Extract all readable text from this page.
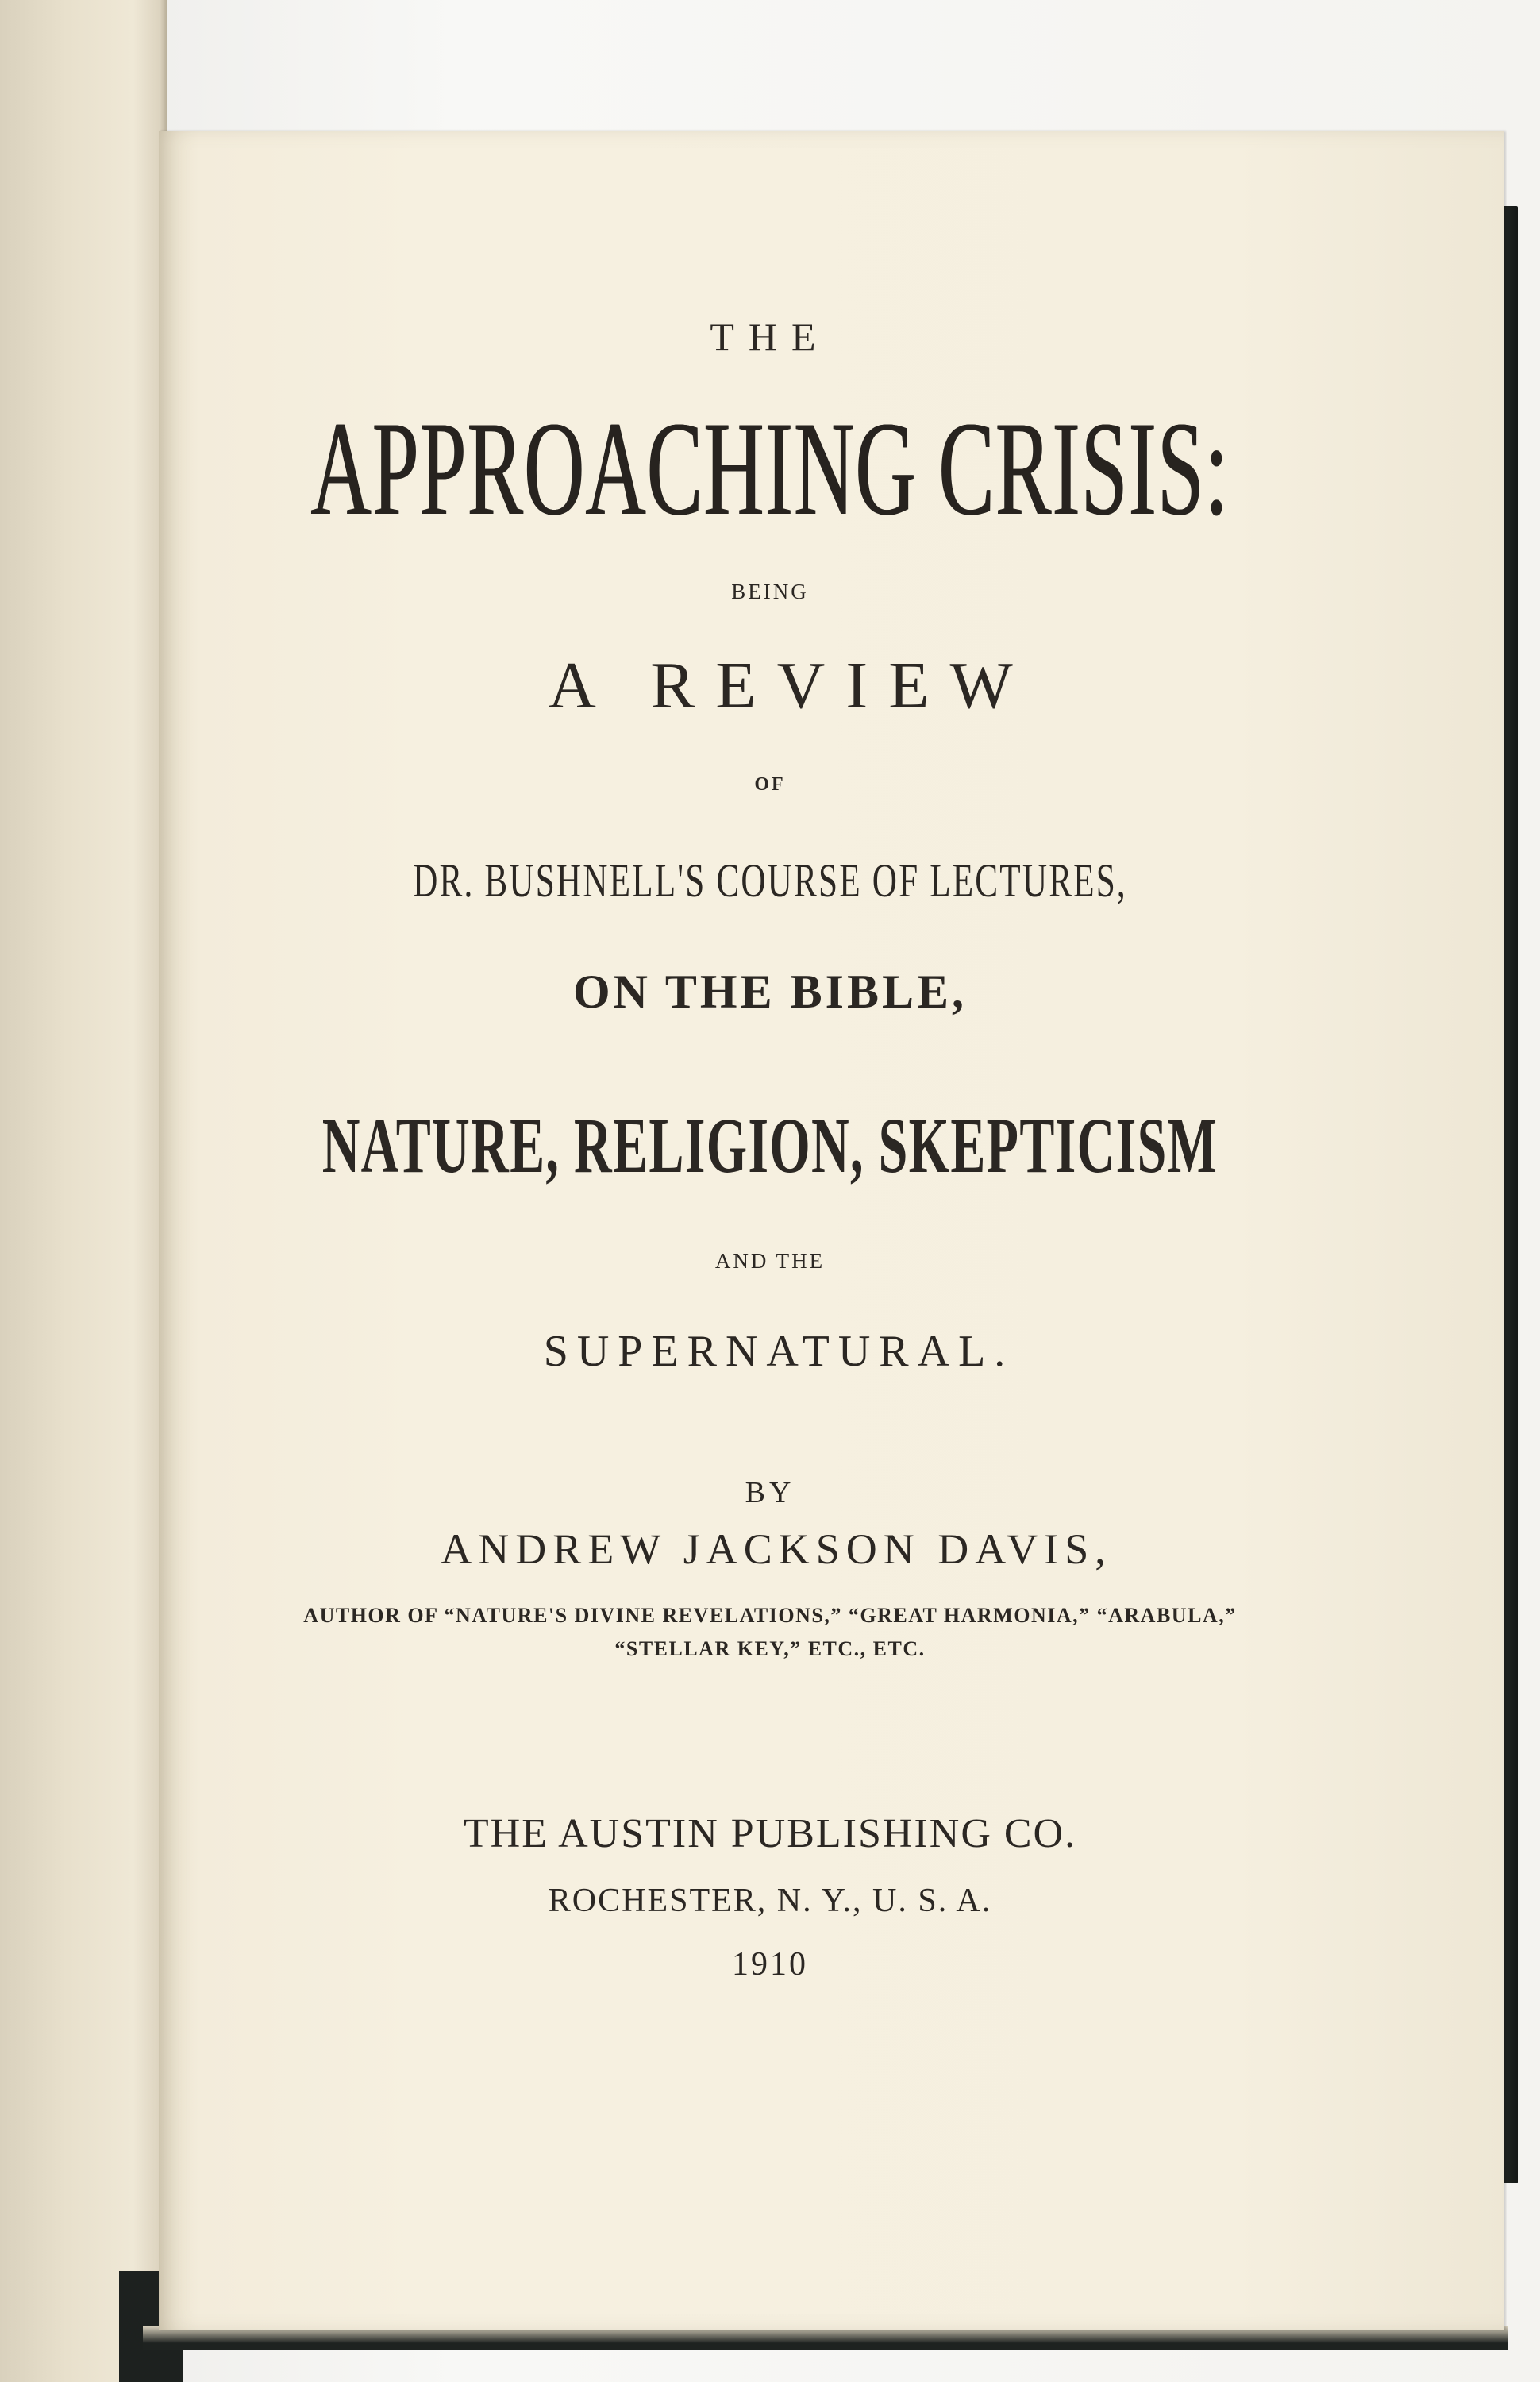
THE
APPROACHING CRISIS:
BEING
A REVIEW
OF
DR. BUSHNELL'S COURSE OF LECTURES,
ON THE BIBLE,
NATURE, RELIGION, SKEPTICISM
AND THE
SUPERNATURAL.
BY
ANDREW JACKSON DAVIS,
AUTHOR OF “NATURE'S DIVINE REVELATIONS,” “GREAT HARMONIA,” “ARABULA,”
“STELLAR KEY,” ETC., ETC.
THE AUSTIN PUBLISHING CO.
ROCHESTER, N. Y., U. S. A.
1910
